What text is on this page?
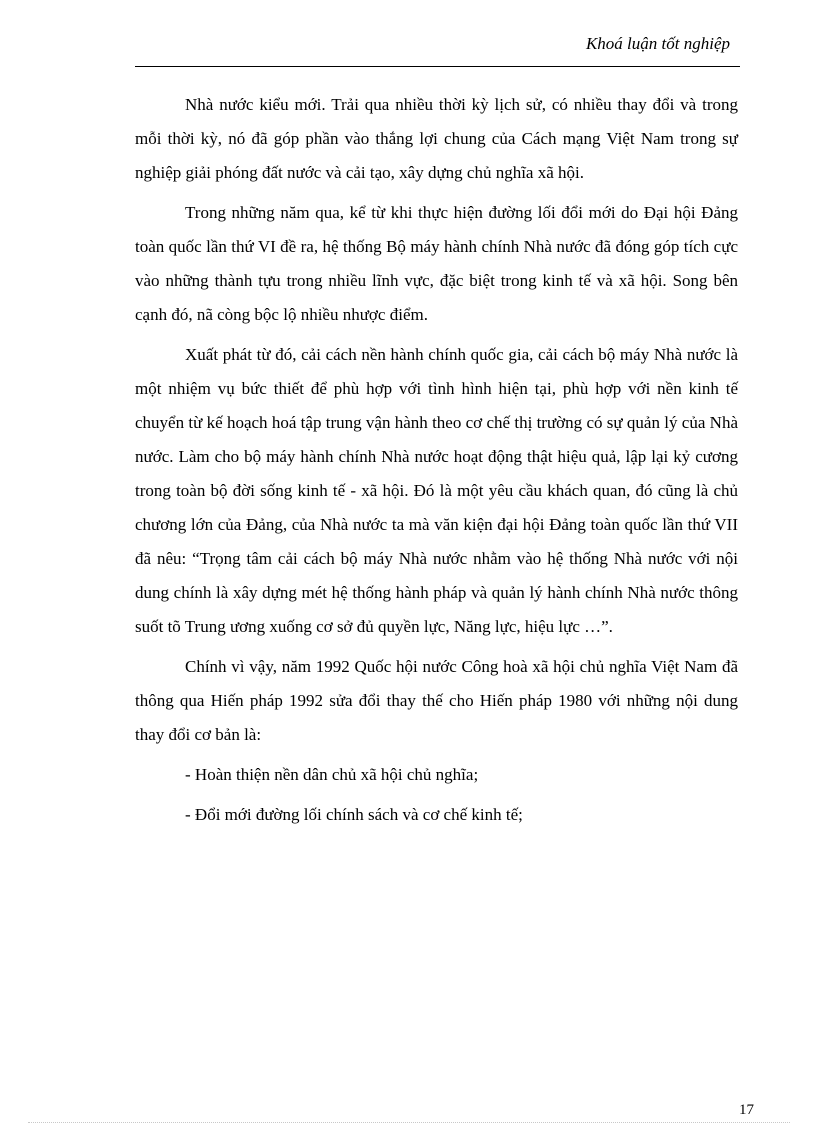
Khoá luận tốt nghiệp

Nhà nước kiểu mới. Trải qua nhiều thời kỳ lịch sử, có nhiều thay đổi và trong mỗi thời kỳ, nó đã góp phần vào thắng lợi chung của Cách mạng Việt Nam trong sự nghiệp giải phóng đất nước và cải tạo, xây dựng chủ nghĩa xã hội.

Trong những năm qua, kể từ khi thực hiện đường lối đổi mới do Đại hội Đảng toàn quốc lần thứ VI đề ra, hệ thống Bộ máy hành chính Nhà nước đã đóng góp tích cực vào những thành tựu trong nhiều lĩnh vực, đặc biệt trong kinh tế và xã hội. Song bên cạnh đó, nã còng bộc lộ nhiều nhược điểm.

Xuất phát từ đó, cải cách nền hành chính quốc gia, cải cách bộ máy Nhà nước là một nhiệm vụ bức thiết để phù hợp với tình hình hiện tại, phù hợp với nền kinh tế chuyển từ kế hoạch hoá tập trung vận hành theo cơ chế thị trường có sự quản lý của Nhà nước. Làm cho bộ máy hành chính Nhà nước hoạt động thật hiệu quả, lập lại kỷ cương trong toàn bộ đời sống kinh tế - xã hội. Đó là một yêu cầu khách quan, đó cũng là chủ chương lớn của Đảng, của Nhà nước ta mà văn kiện đại hội Đảng toàn quốc lần thứ VII đã nêu: “Trọng tâm cải cách bộ máy Nhà nước nhằm vào hệ thống Nhà nước với nội dung chính là xây dựng mét hệ thống hành pháp và quản lý hành chính Nhà nước thông suốt tõ Trung ương xuống cơ sở đủ quyền lực, Năng lực, hiệu lực …”.

Chính vì vậy, năm 1992 Quốc hội nước Công hoà xã hội chủ nghĩa Việt Nam đã thông qua Hiến pháp 1992 sửa đổi thay thế cho Hiến pháp 1980 với những nội dung thay đổi cơ bản là:

- Hoàn thiện nền dân chủ xã hội chủ nghĩa;

- Đổi mới đường lối chính sách và cơ chế kinh tế;

17
